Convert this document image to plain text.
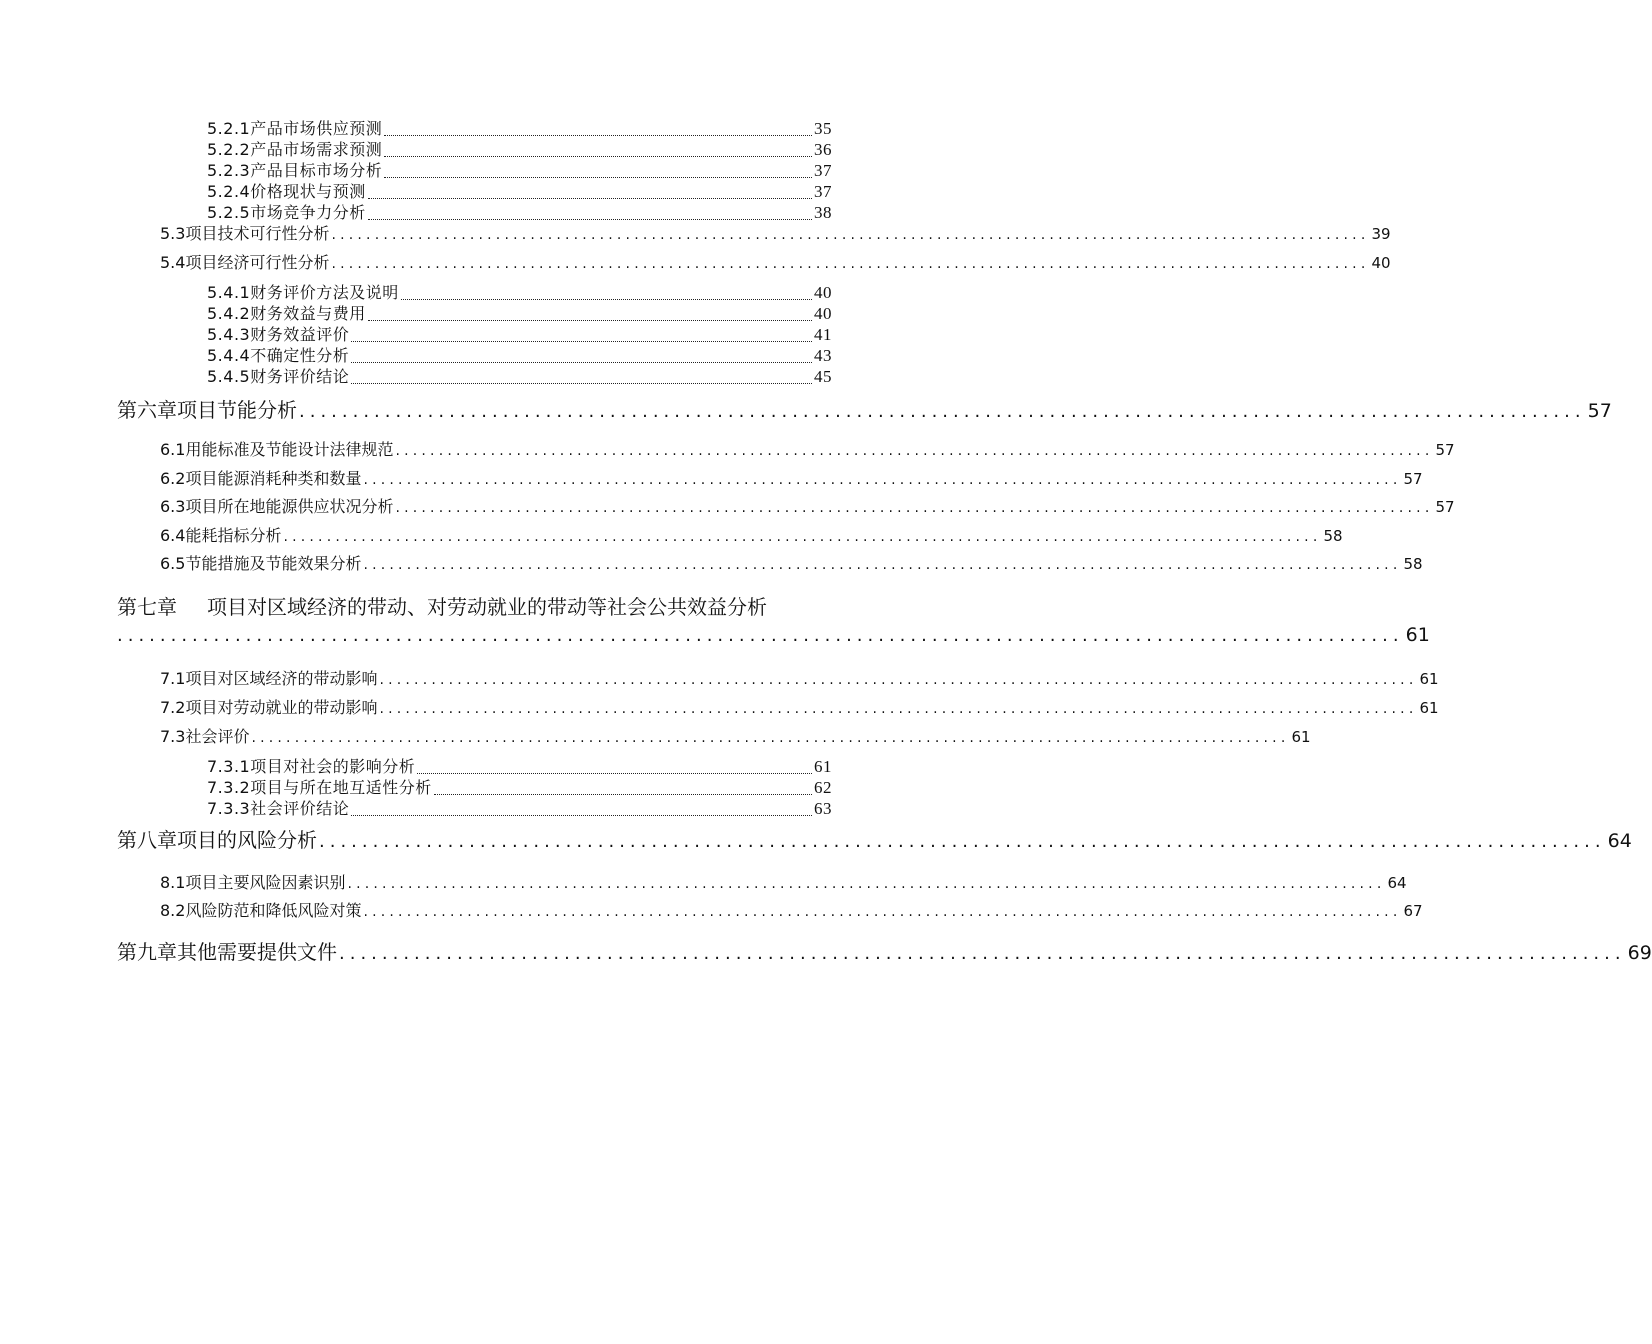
5.2.1产品市场供应预测	35
5.2.2产品市场需求预测	36
5.2.3产品目标市场分析	37
5.2.4价格现状与预测	37
5.2.5市场竞争力分析	38
5.3项目技术可行性分析 ........................................................................................................................ 39
5.4项目经济可行性分析 ........................................................................................................................ 40
5.4.1财务评价方法及说明	40
5.4.2财务效益与费用	40
5.4.3财务效益评价	41
5.4.4不确定性分析	43
5.4.5财务评价结论	45
第六章 项目节能分析 ........................................................................................................................ 57
6.1用能标准及节能设计法律规范 ........................................................................................................................ 57
6.2项目能源消耗种类和数量 ........................................................................................................................ 57
6.3项目所在地能源供应状况分析 ........................................................................................................................ 57
6.4能耗指标分析 ........................................................................................................................ 58
6.5节能措施及节能效果分析 ........................................................................................................................ 58
第七章 项目对区域经济的带动、对劳动就业的带动等社会公共效益分析
........................................................................................................................ 61
7.1项目对区域经济的带动影响 ........................................................................................................................ 61
7.2项目对劳动就业的带动影响 ........................................................................................................................ 61
7.3社会评价 ........................................................................................................................ 61
7.3.1项目对社会的影响分析	61
7.3.2项目与所在地互适性分析	62
7.3.3社会评价结论	63
第八章 项目的风险分析 ........................................................................................................................ 64
8.1项目主要风险因素识别 ........................................................................................................................ 64
8.2风险防范和降低风险对策 ........................................................................................................................ 67
第九章 其他需要提供文件 ........................................................................................................................ 69
